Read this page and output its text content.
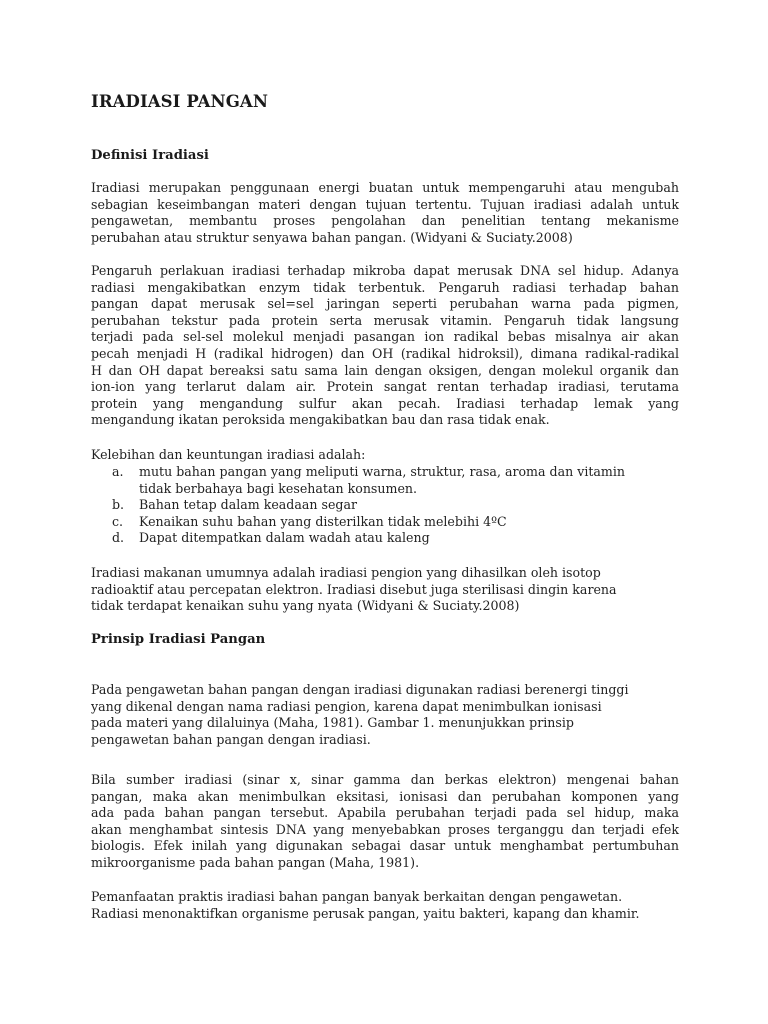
IRADIASI PANGAN
Definisi Iradiasi
Iradiasi merupakan penggunaan energi buatan untuk mempengaruhi atau mengubah
sebagian keseimbangan materi dengan tujuan tertentu. Tujuan iradiasi adalah untuk
pengawetan, membantu proses pengolahan dan penelitian tentang mekanisme
perubahan atau struktur senyawa bahan pangan. (Widyani & Suciaty.2008)
Pengaruh perlakuan iradiasi terhadap mikroba dapat merusak DNA sel hidup. Adanya
radiasi mengakibatkan enzym tidak terbentuk. Pengaruh radiasi terhadap bahan
pangan dapat merusak sel=sel jaringan seperti perubahan warna pada pigmen,
perubahan tekstur pada protein serta merusak vitamin. Pengaruh tidak langsung
terjadi pada sel-sel molekul menjadi pasangan ion radikal bebas misalnya air akan
pecah menjadi H (radikal hidrogen) dan OH (radikal hidroksil), dimana radikal-radikal
H dan OH dapat bereaksi satu sama lain dengan oksigen, dengan molekul organik dan
ion-ion yang terlarut dalam air. Protein sangat rentan terhadap iradiasi, terutama
protein yang mengandung sulfur akan pecah. Iradiasi terhadap lemak yang
mengandung ikatan peroksida mengakibatkan bau dan rasa tidak enak.
Kelebihan dan keuntungan iradiasi adalah:
a. mutu bahan pangan yang meliputi warna, struktur, rasa, aroma dan vitamin
tidak berbahaya bagi kesehatan konsumen.
b. Bahan tetap dalam keadaan segar
c. Kenaikan suhu bahan yang disterilkan tidak melebihi 4ºC
d. Dapat ditempatkan dalam wadah atau kaleng
Iradiasi makanan umumnya adalah iradiasi pengion yang dihasilkan oleh isotop
radioaktif atau percepatan elektron. Iradiasi disebut juga sterilisasi dingin karena
tidak terdapat kenaikan suhu yang nyata (Widyani & Suciaty.2008)
Prinsip Iradiasi Pangan
Pada pengawetan bahan pangan dengan iradiasi digunakan radiasi berenergi tinggi
yang dikenal dengan nama radiasi pengion, karena dapat menimbulkan ionisasi
pada materi yang dilaluinya (Maha, 1981). Gambar 1. menunjukkan prinsip
pengawetan bahan pangan dengan iradiasi.
Bila sumber iradiasi (sinar x, sinar gamma dan berkas elektron) mengenai bahan
pangan, maka akan menimbulkan eksitasi, ionisasi dan perubahan komponen yang
ada pada bahan pangan tersebut. Apabila perubahan terjadi pada sel hidup, maka
akan menghambat sintesis DNA yang menyebabkan proses terganggu dan terjadi efek
biologis. Efek inilah yang digunakan sebagai dasar untuk menghambat pertumbuhan
mikroorganisme pada bahan pangan (Maha, 1981).
Pemanfaatan praktis iradiasi bahan pangan banyak berkaitan dengan pengawetan.
Radiasi menonaktifkan organisme perusak pangan, yaitu bakteri, kapang dan khamir.
